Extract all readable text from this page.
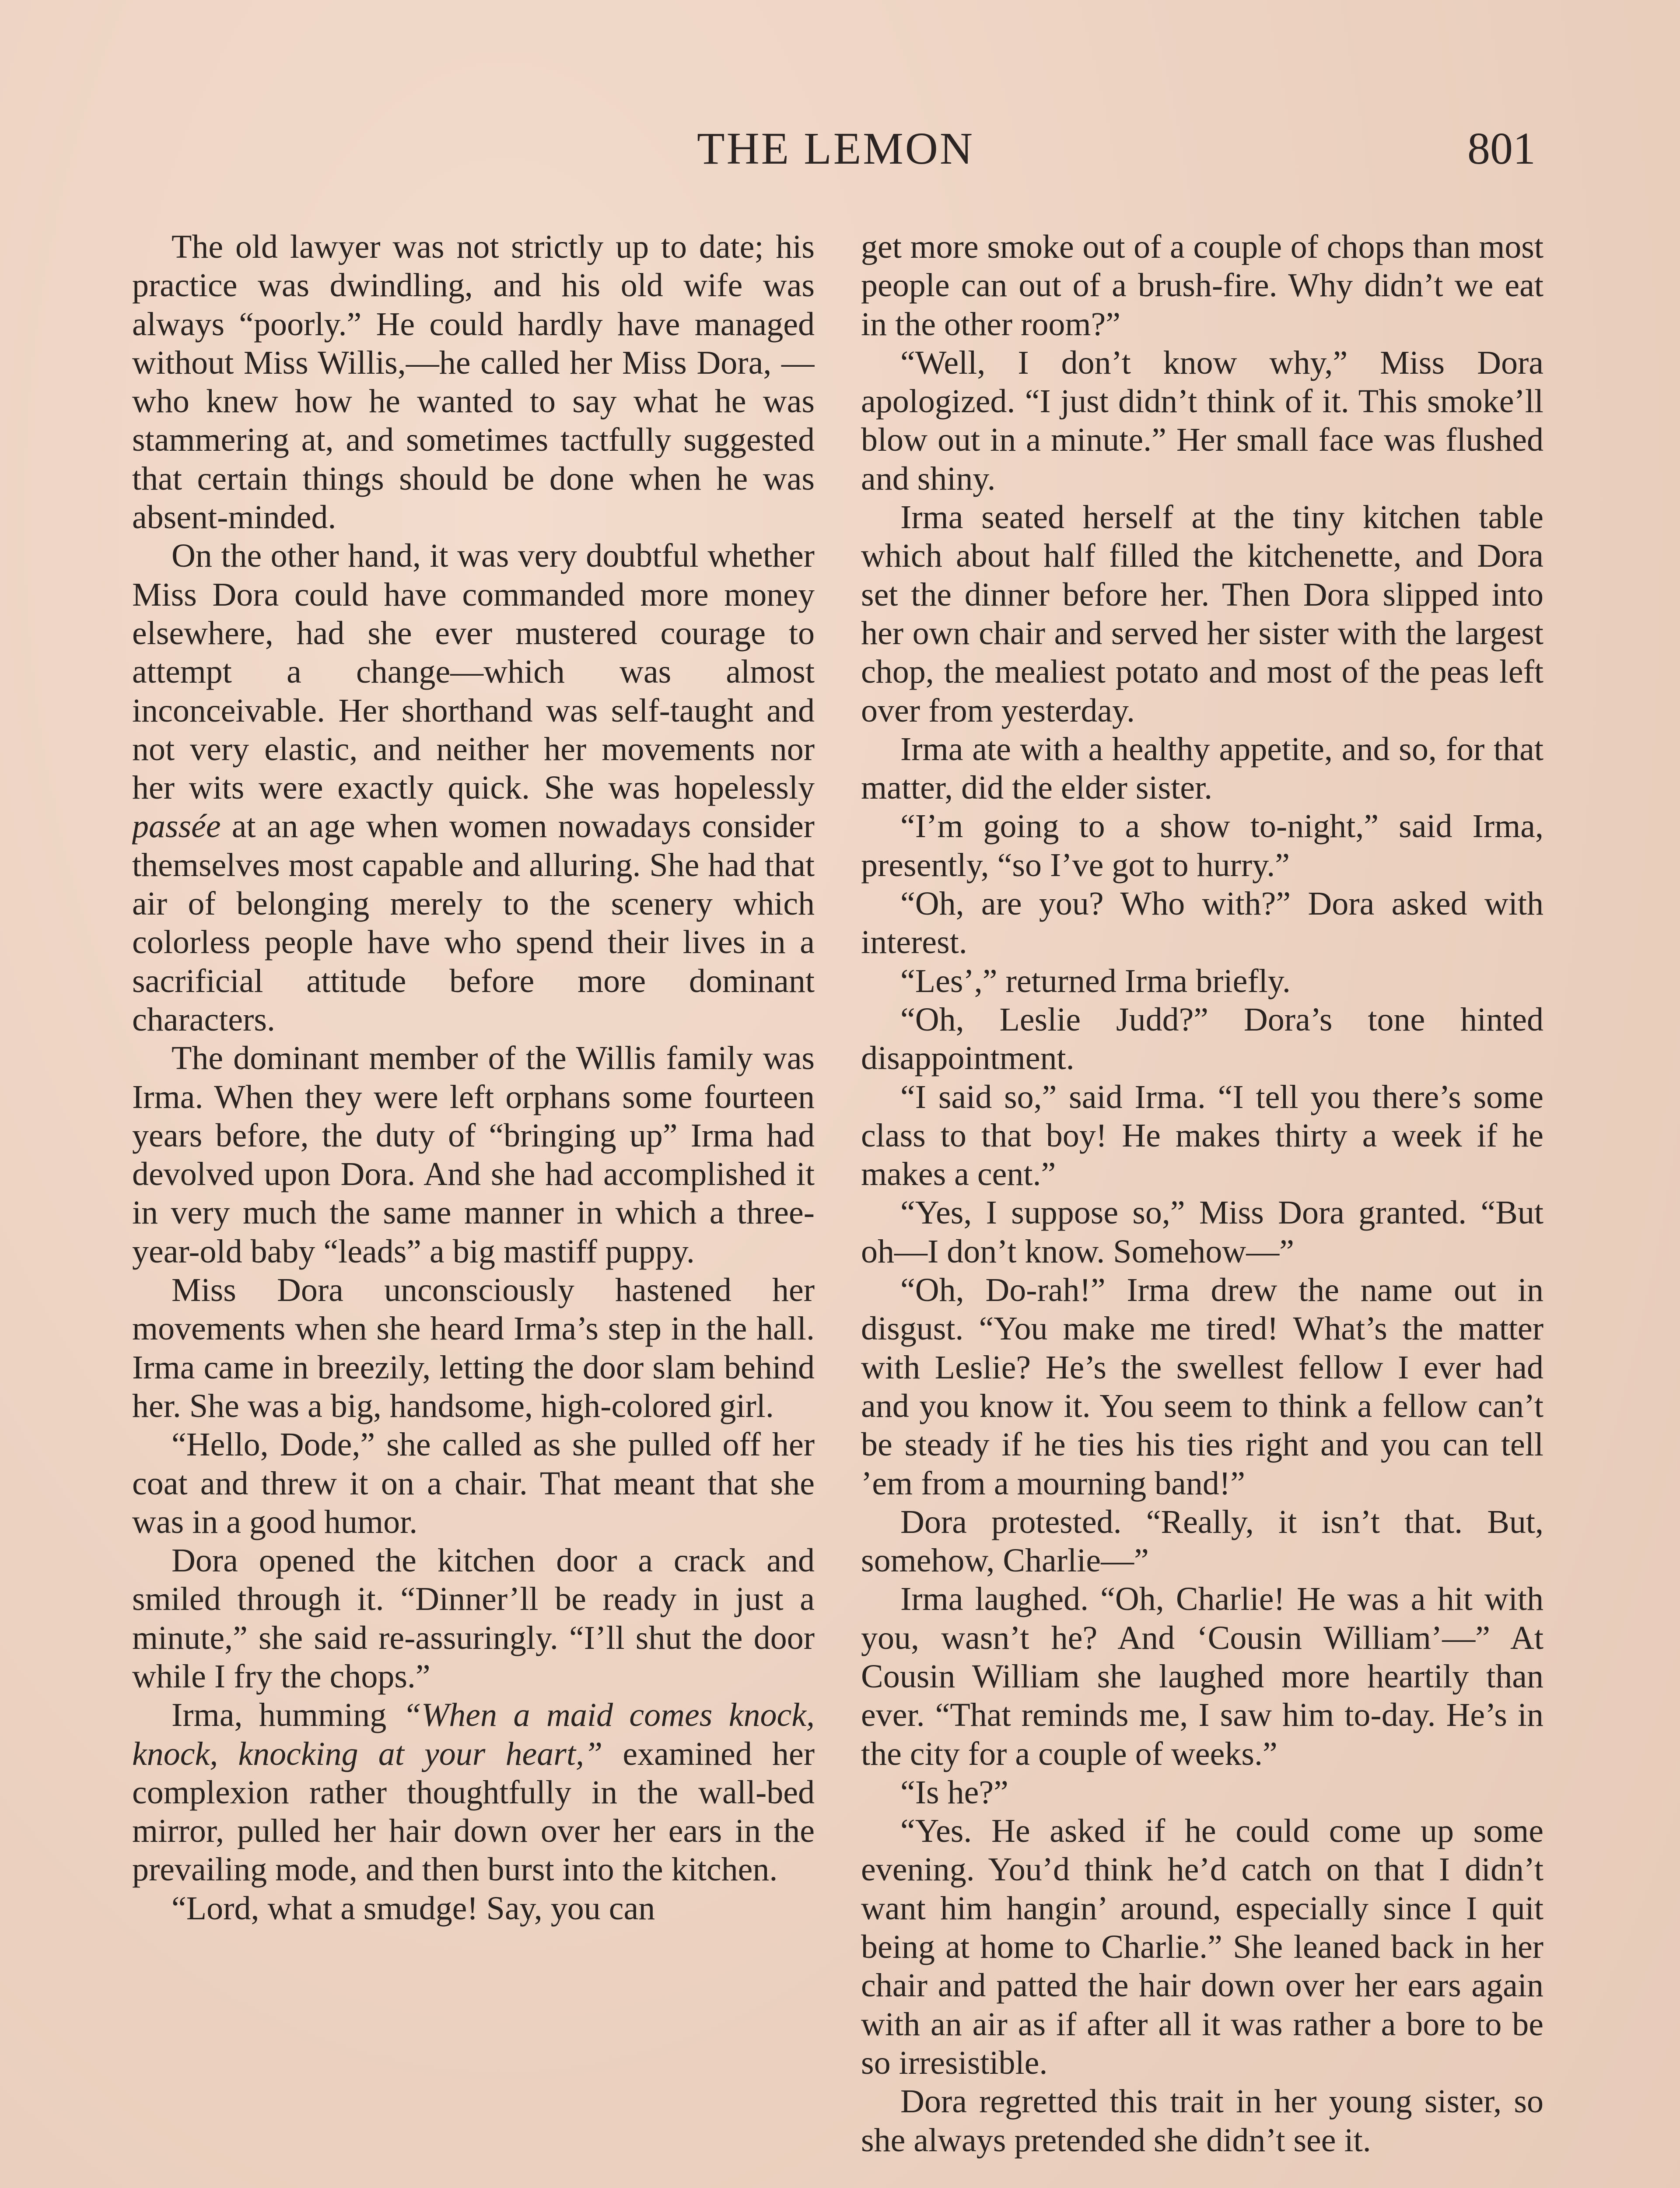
THE LEMON	801

The old lawyer was not strictly up to date; his practice was dwindling, and his old wife was always “poorly.” He could hardly have managed without Miss Willis,—he called her Miss Dora, —who knew how he wanted to say what he was stammering at, and sometimes tactfully suggested that certain things should be done when he was absent-minded.

On the other hand, it was very doubtful whether Miss Dora could have commanded more money elsewhere, had she ever mustered courage to attempt a change—which was almost inconceivable. Her shorthand was self-taught and not very elastic, and neither her movements nor her wits were exactly quick. She was hopelessly passée at an age when women nowadays consider themselves most capable and alluring. She had that air of belonging merely to the scenery which colorless people have who spend their lives in a sacrificial attitude before more dominant characters.

The dominant member of the Willis family was Irma. When they were left orphans some fourteen years before, the duty of “bringing up” Irma had devolved upon Dora. And she had accomplished it in very much the same manner in which a three-year-old baby “leads” a big mastiff puppy.

Miss Dora unconsciously hastened her movements when she heard Irma’s step in the hall. Irma came in breezily, letting the door slam behind her. She was a big, handsome, high-colored girl.

“Hello, Dode,” she called as she pulled off her coat and threw it on a chair. That meant that she was in a good humor.

Dora opened the kitchen door a crack and smiled through it. “Dinner’ll be ready in just a minute,” she said re-assuringly. “I’ll shut the door while I fry the chops.”

Irma, humming “When a maid comes knock, knock, knocking at your heart,” examined her complexion rather thoughtfully in the wall-bed mirror, pulled her hair down over her ears in the prevailing mode, and then burst into the kitchen.

“Lord, what a smudge! Say, you can

get more smoke out of a couple of chops than most people can out of a brush-fire. Why didn’t we eat in the other room?”

“Well, I don’t know why,” Miss Dora apologized. “I just didn’t think of it. This smoke’ll blow out in a minute.” Her small face was flushed and shiny.

Irma seated herself at the tiny kitchen table which about half filled the kitchenette, and Dora set the dinner before her. Then Dora slipped into her own chair and served her sister with the largest chop, the mealiest potato and most of the peas left over from yesterday.

Irma ate with a healthy appetite, and so, for that matter, did the elder sister.

“I’m going to a show to-night,” said Irma, presently, “so I’ve got to hurry.”

“Oh, are you? Who with?” Dora asked with interest.

“Les’,” returned Irma briefly.

“Oh, Leslie Judd?” Dora’s tone hinted disappointment.

“I said so,” said Irma. “I tell you there’s some class to that boy! He makes thirty a week if he makes a cent.”

“Yes, I suppose so,” Miss Dora granted. “But oh—I don’t know. Somehow—”

“Oh, Do-rah!” Irma drew the name out in disgust. “You make me tired! What’s the matter with Leslie? He’s the swellest fellow I ever had and you know it. You seem to think a fellow can’t be steady if he ties his ties right and you can tell ’em from a mourning band!”

Dora protested. “Really, it isn’t that. But, somehow, Charlie—”

Irma laughed. “Oh, Charlie! He was a hit with you, wasn’t he? And ‘Cousin William’—” At Cousin William she laughed more heartily than ever. “That reminds me, I saw him to-day. He’s in the city for a couple of weeks.”

“Is he?”

“Yes. He asked if he could come up some evening. You’d think he’d catch on that I didn’t want him hangin’ around, especially since I quit being at home to Charlie.” She leaned back in her chair and patted the hair down over her ears again with an air as if after all it was rather a bore to be so irresistible.

Dora regretted this trait in her young sister, so she always pretended she didn’t see it.
